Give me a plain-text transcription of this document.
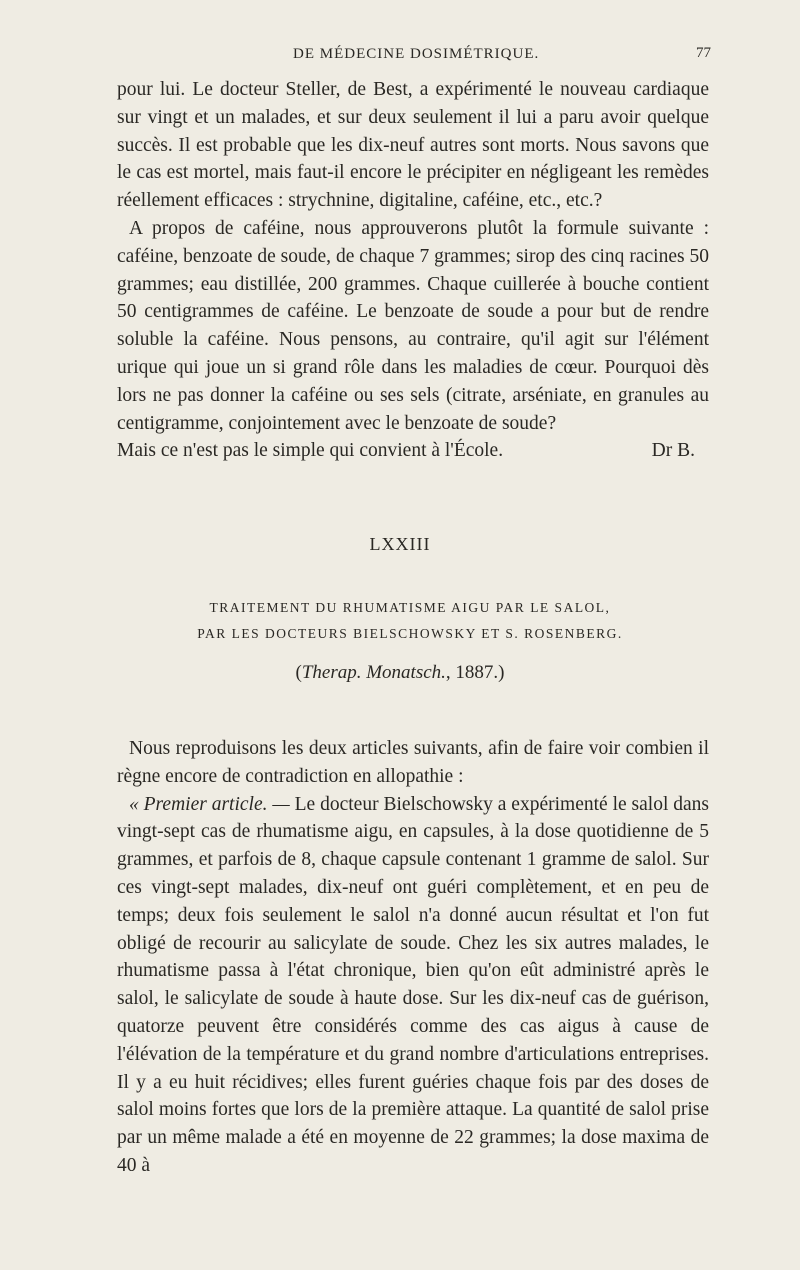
DE MÉDECINE DOSIMÉTRIQUE.	77

pour lui. Le docteur Steller, de Best, a expérimenté le nouveau cardiaque sur vingt et un malades, et sur deux seulement il lui a paru avoir quelque succès. Il est probable que les dix-neuf autres sont morts. Nous savons que le cas est mortel, mais faut-il encore le précipiter en négligeant les remèdes réellement efficaces : strychnine, digitaline, caféine, etc., etc.?

A propos de caféine, nous approuverons plutôt la formule suivante : caféine, benzoate de soude, de chaque 7 grammes; sirop des cinq racines 50 grammes; eau distillée, 200 grammes. Chaque cuillerée à bouche contient 50 centigrammes de caféine. Le benzoate de soude a pour but de rendre soluble la caféine. Nous pensons, au contraire, qu'il agit sur l'élément urique qui joue un si grand rôle dans les maladies de cœur. Pourquoi dès lors ne pas donner la caféine ou ses sels (citrate, arséniate, en granules au centigramme, conjointement avec le benzoate de soude?

Mais ce n'est pas le simple qui convient à l'École.	Dr B.
LXXIII
TRAITEMENT DU RHUMATISME AIGU PAR LE SALOL,
PAR LES DOCTEURS BIELSCHOWSKY ET S. ROSENBERG.
(Therap. Monatsch., 1887.)

Nous reproduisons les deux articles suivants, afin de faire voir combien il règne encore de contradiction en allopathie :

« Premier article. — Le docteur Bielschowsky a expérimenté le salol dans vingt-sept cas de rhumatisme aigu, en capsules, à la dose quotidienne de 5 grammes, et parfois de 8, chaque capsule contenant 1 gramme de salol. Sur ces vingt-sept malades, dix-neuf ont guéri complètement, et en peu de temps; deux fois seulement le salol n'a donné aucun résultat et l'on fut obligé de recourir au salicylate de soude. Chez les six autres malades, le rhumatisme passa à l'état chronique, bien qu'on eût administré après le salol, le salicylate de soude à haute dose. Sur les dix-neuf cas de guérison, quatorze peuvent être considérés comme des cas aigus à cause de l'élévation de la température et du grand nombre d'articulations entreprises. Il y a eu huit récidives; elles furent guéries chaque fois par des doses de salol moins fortes que lors de la première attaque. La quantité de salol prise par un même malade a été en moyenne de 22 grammes; la dose maxima de 40 à
